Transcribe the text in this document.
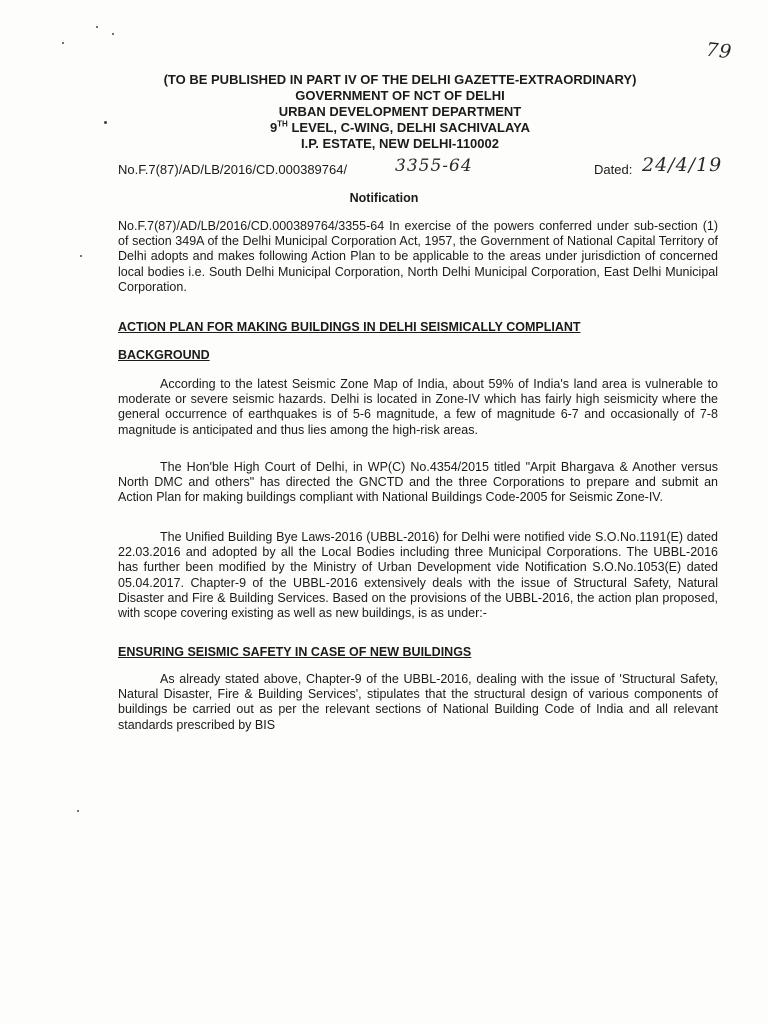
79
(TO BE PUBLISHED IN PART IV OF THE DELHI GAZETTE-EXTRAORDINARY)
GOVERNMENT OF NCT OF DELHI
URBAN DEVELOPMENT DEPARTMENT
9TH LEVEL, C-WING, DELHI SACHIVALAYA
I.P. ESTATE, NEW DELHI-110002
No.F.7(87)/AD/LB/2016/CD.000389764/	3355-64	Dated: 24/4/19
Notification

No.F.7(87)/AD/LB/2016/CD.000389764/3355-64 In exercise of the powers conferred under sub-section (1) of section 349A of the Delhi Municipal Corporation Act, 1957, the Government of National Capital Territory of Delhi adopts and makes following Action Plan to be applicable to the areas under jurisdiction of concerned local bodies i.e. South Delhi Municipal Corporation, North Delhi Municipal Corporation, East Delhi Municipal Corporation.

ACTION PLAN FOR MAKING BUILDINGS IN DELHI SEISMICALLY COMPLIANT
BACKGROUND

According to the latest Seismic Zone Map of India, about 59% of India's land area is vulnerable to moderate or severe seismic hazards. Delhi is located in Zone-IV which has fairly high seismicity where the general occurrence of earthquakes is of 5-6 magnitude, a few of magnitude 6-7 and occasionally of 7-8 magnitude is anticipated and thus lies among the high-risk areas.

The Hon'ble High Court of Delhi, in WP(C) No.4354/2015 titled "Arpit Bhargava & Another versus North DMC and others" has directed the GNCTD and the three Corporations to prepare and submit an Action Plan for making buildings compliant with National Buildings Code-2005 for Seismic Zone-IV.

The Unified Building Bye Laws-2016 (UBBL-2016) for Delhi were notified vide S.O.No.1191(E) dated 22.03.2016 and adopted by all the Local Bodies including three Municipal Corporations. The UBBL-2016 has further been modified by the Ministry of Urban Development vide Notification S.O.No.1053(E) dated 05.04.2017. Chapter-9 of the UBBL-2016 extensively deals with the issue of Structural Safety, Natural Disaster and Fire & Building Services. Based on the provisions of the UBBL-2016, the action plan proposed, with scope covering existing as well as new buildings, is as under:-

ENSURING SEISMIC SAFETY IN CASE OF NEW BUILDINGS

As already stated above, Chapter-9 of the UBBL-2016, dealing with the issue of 'Structural Safety, Natural Disaster, Fire & Building Services', stipulates that the structural design of various components of buildings be carried out as per the relevant sections of National Building Code of India and all relevant standards prescribed by BIS
